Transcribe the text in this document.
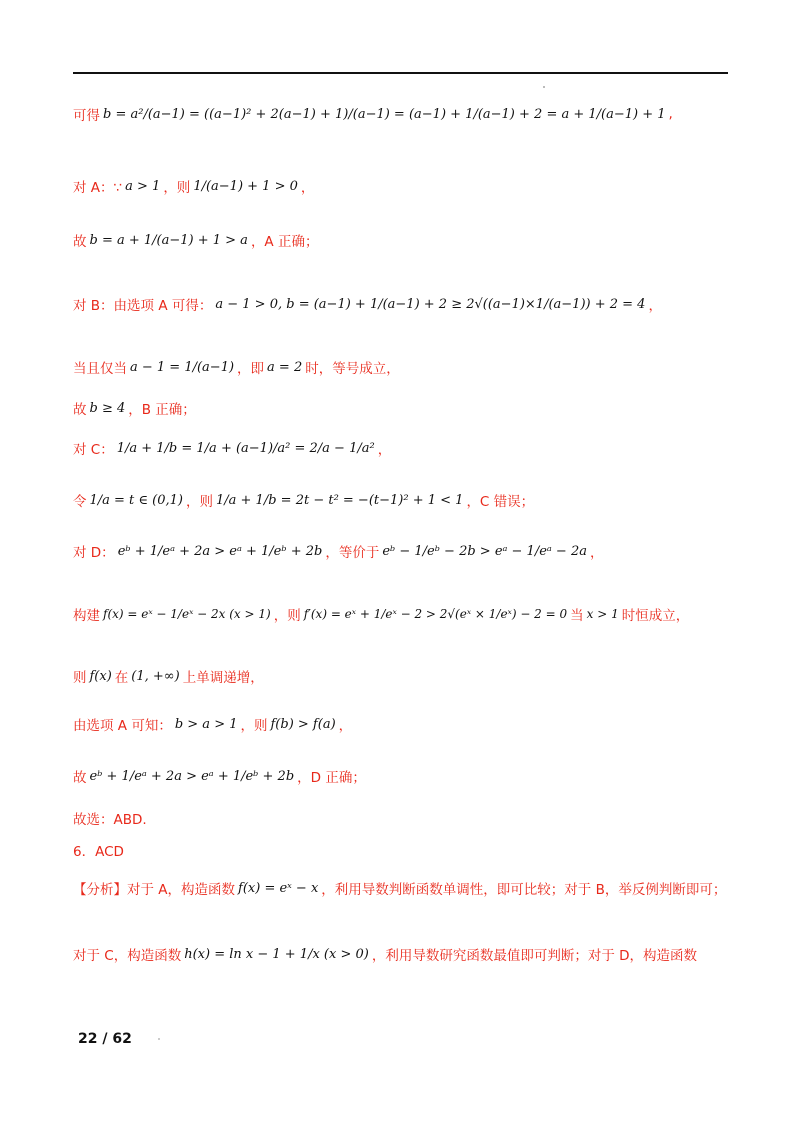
可得 b = a²/(a−1) = ((a−1)² + 2(a−1) + 1)/(a−1) = (a−1) + 1/(a−1) + 2 = a + 1/(a−1) + 1 ,
对 A：∵ a > 1 ，则 1/(a−1) + 1 > 0 ，
故 b = a + 1/(a−1) + 1 > a ，A 正确；
对 B：由选项 A 可得： a − 1 > 0, b = (a−1) + 1/(a−1) + 2 ≥ 2√((a−1)×1/(a−1)) + 2 = 4 ，
当且仅当 a − 1 = 1/(a−1) ，即 a = 2 时，等号成立，
故 b ≥ 4 ，B 正确；
对 C： 1/a + 1/b = 1/a + (a−1)/a² = 2/a − 1/a² ，
令 1/a = t ∈ (0,1) ，则 1/a + 1/b = 2t − t² = −(t−1)² + 1 < 1 ，C 错误；
对 D： eᵇ + 1/eᵃ + 2a > eᵃ + 1/eᵇ + 2b ，等价于 eᵇ − 1/eᵇ − 2b > eᵃ − 1/eᵃ − 2a ，
构建 f(x) = eˣ − 1/eˣ − 2x (x > 1) ，则 f′(x) = eˣ + 1/eˣ − 2 > 2√(eˣ × 1/eˣ) − 2 = 0 当 x > 1 时恒成立，
则 f(x) 在 (1, +∞) 上单调递增，
由选项 A 可知： b > a > 1 ，则 f(b) > f(a) ，
故 eᵇ + 1/eᵃ + 2a > eᵃ + 1/eᵇ + 2b ，D 正确；
故选：ABD.
6．ACD
【分析】对于 A，构造函数 f(x) = eˣ − x ，利用导数判断函数单调性，即可比较；对于 B，举反例判断即可；
对于 C，构造函数 h(x) = ln x − 1 + 1/x (x > 0) ，利用导数研究函数最值即可判断；对于 D，构造函数
22 / 62
